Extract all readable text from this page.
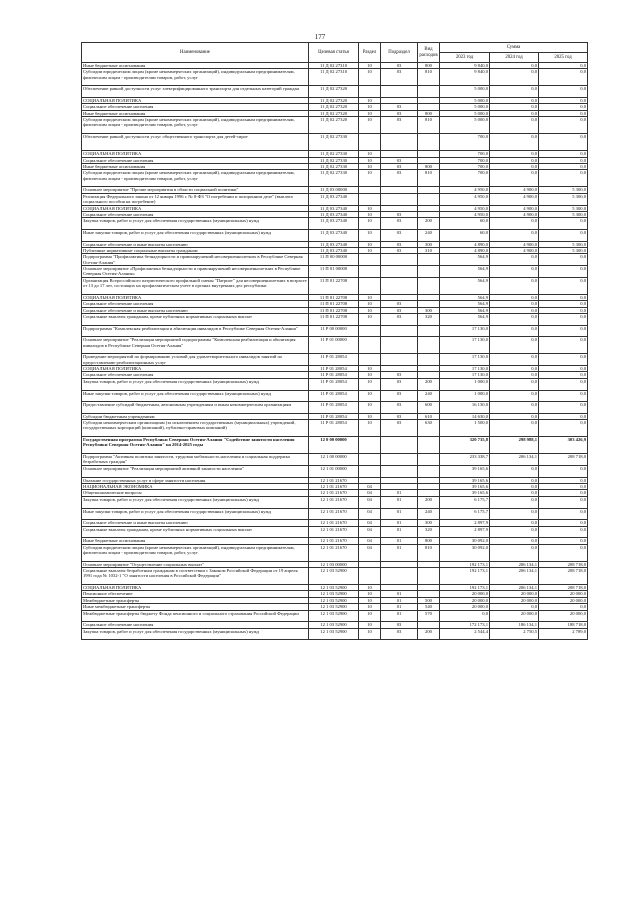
177
Наименование	Целевая статья	Раздел	Подраздел	Вид расходов	Сумма		
					2023 год	2024 год	2025 год
Иные бюджетные ассигнования	11 Д 02 27310	10	03	800	9 840,0	0,0	0,0
Субсидии юридическим лицам (кроме некоммерческих организаций), индивидуальным предпринимателям, физическим лицам - производителям товаров, работ, услуг	11 Д 02 27310	10	03	810	9 840,0	0,0	0,0
Обеспечение равной доступности услуг электрифицированного транспорта для отдельных категорий граждан	11 Д 02 27320				5 000,0	0,0	0,0
СОЦИАЛЬНАЯ ПОЛИТИКА	11 Д 02 27320	10			5 000,0	0,0	0,0
Социальное обеспечение населения	11 Д 02 27320	10	03		5 000,0	0,0	0,0
Иные бюджетные ассигнования	11 Д 02 27320	10	03	800	5 000,0	0,0	0,0
Субсидии юридическим лицам (кроме некоммерческих организаций), индивидуальным предпринимателям, физическим лицам - производителям товаров, работ, услуг	11 Д 02 27320	10	03	810	5 000,0	0,0	0,0
Обеспечение равной доступности услуг общественного транспорта для детей-сирот	11 Д 02 27330				700,0	0,0	0,0
СОЦИАЛЬНАЯ ПОЛИТИКА	11 Д 02 27330	10			700,0	0,0	0,0
Социальное обеспечение населения	11 Д 02 27330	10	03		700,0	0,0	0,0
Иные бюджетные ассигнования	11 Д 02 27330	10	03	800	700,0	0,0	0,0
Субсидии юридическим лицам (кроме некоммерческих организаций), индивидуальным предпринимателям, физическим лицам - производителям товаров, работ, услуг	11 Д 02 27330	10	03	810	700,0	0,0	0,0
Основное мероприятие "Прочие мероприятия в области социальной политики"	11 Д 03 00000				4 950,0	4 900,0	5 300,0
Реализация Федерального закона от 12 января 1996 г. № 8-ФЗ "О погребении и похоронном деле" (выплата социального пособия на погребение)	11 Д 03 27340				4 950,0	4 900,0	5 300,0
СОЦИАЛЬНАЯ ПОЛИТИКА	11 Д 03 27340	10			4 950,0	4 900,0	5 300,0
Социальное обеспечение населения	11 Д 03 27340	10	03		4 950,0	4 900,0	5 300,0
Закупка товаров, работ и услуг для обеспечения государственных (муниципальных) нужд	11 Д 03 27340	10	03	200	60,0	0,0	0,0
Иные закупки товаров, работ и услуг для обеспечения государственных (муниципальных) нужд	11 Д 03 27340	10	03	240	60,0	0,0	0,0
Социальное обеспечение и иные выплаты населению	11 Д 03 27340	10	03	300	4 890,0	4 900,0	5 300,0
Публичные нормативные социальные выплаты гражданам	11 Д 03 27340	10	03	310	4 890,0	4 900,0	5 300,0
Подпрограмма "Профилактика безнадзорности и правонарушений несовершеннолетних в Республике Северная Осетия-Алания"	11 П 00 00000				564,9	0,0	0,0
Основное мероприятие «Профилактика безнадзорности и правонарушений несовершеннолетних в Республике Северная Осетия-Алания»	11 П 01 00000				564,9	0,0	0,0
Организация Всероссийского патриотического профильной смены "Патриот" для несовершеннолетних в возрасте от 13 до 17 лет, состоящих на профилактическом учете в органах внутренних дел республики	11 П 01 22708				564,9	0,0	0,0
СОЦИАЛЬНАЯ ПОЛИТИКА	11 П 01 22708	10			564,9	0,0	0,0
Социальное обеспечение населения	11 П 01 22708	10	03		564,9	0,0	0,0
Социальное обеспечение и иные выплаты населению	11 П 01 22708	10	03	300	564,9	0,0	0,0
Социальные выплаты гражданам, кроме публичных нормативных социальных выплат	11 П 01 22708	10	03	320	564,9	0,0	0,0
Подпрограмма "Комплексная реабилитация и абилитация инвалидов в Республике Северная Осетия-Алания"	11 Р 00 00000				17 130,0	0,0	0,0
Основное мероприятие "Реализация мероприятий подпрограммы "Комплексная реабилитация и абилитация инвалидов в Республике Северная Осетия-Алания"	11 Р 01 00000				17 130,0	0,0	0,0
Проведение мероприятий по формированию условий для удовлетворительного инвалидов занятий по предоставлению реабилитационных услуг	11 Р 01 28054				17 130,0	0,0	0,0
СОЦИАЛЬНАЯ ПОЛИТИКА	11 Р 01 28054	10			17 130,0	0,0	0,0
Социальное обеспечение населения	11 Р 01 28054	10	03		17 130,0	0,0	0,0
Закупка товаров, работ и услуг для обеспечения государственных (муниципальных) нужд	11 Р 01 28054	10	03	200	1 000,0	0,0	0,0
Иные закупки товаров, работ и услуг для обеспечения государственных (муниципальных) нужд	11 Р 01 28054	10	03	240	1 000,0	0,0	0,0
Предоставление субсидий бюджетным, автономным учреждениям и иным некоммерческим организациям	11 Р 01 28054	10	03	600	16 130,0	0,0	0,0
Субсидии бюджетным учреждениям	11 Р 01 28054	10	03	610	14 630,0	0,0	0,0
Субсидии некоммерческим организациям (за исключением государственных (муниципальных) учреждений, государственных корпораций (компаний), публично-правовых компаний)	11 Р 01 28054	10	03	630	1 500,0	0,0	0,0
Государственная программа Республики Северная Осетия-Алания "Содействие занятости населения Республики Северная Осетия-Алания" на 2014-2025 годы	12 0 00 00000				320 735,8	298 988,1	303 426,9
Подпрограмма "Активная политика занятости, трудовая мобильность населения и социальная поддержка безработных граждан"	12 1 00 00000				233 338,7	206 134,1	208 718,0
Основное мероприятие "Реализация мероприятий активной занятости населения"	12 1 01 00000				39 165,6	0,0	0,0
Оказание государственных услуг в сфере занятости населения	12 1 01 21670				39 165,6	0,0	0,0
НАЦИОНАЛЬНАЯ ЭКОНОМИКА	12 1 01 21670	04			39 165,6	0,0	0,0
Общеэкономические вопросы	12 1 01 21670	04	01		39 165,6	0,0	0,0
Закупка товаров, работ и услуг для обеспечения государственных (муниципальных) нужд	12 1 01 21670	04	01	200	6 175,7	0,0	0,0
Иные закупки товаров, работ и услуг для обеспечения государственных (муниципальных) нужд	12 1 01 21670	04	01	240	6 175,7	0,0	0,0
Социальное обеспечение и иные выплаты населению	12 1 01 21670	04	01	300	2 897,9	0,0	0,0
Социальные выплаты гражданам, кроме публичных нормативных социальных выплат	12 1 01 21670	04	01	320	2 897,9	0,0	0,0
Иные бюджетные ассигнования	12 1 01 21670	04	01	800	30 092,0	0,0	0,0
Субсидии юридическим лицам (кроме некоммерческих организаций), индивидуальным предпринимателям, физическим лицам - производителям товаров, работ, услуг	12 1 01 21670	04	01	810	30 092,0	0,0	0,0
Основное мероприятие "Осуществление социальных выплат"	12 1 03 00000				192 173,1	206 134,1	208 718,0
Социальные выплаты безработным гражданам в соответствии с Законом Российской Федерации от 19 апреля 1991 года № 1032-1 "О занятости населения в Российской Федерации"	12 1 03 52900				192 173,1	206 134,1	208 718,0
СОЦИАЛЬНАЯ ПОЛИТИКА	12 1 03 52900	10			192 173,1	206 134,1	208 718,0
Пенсионное обеспечение	12 1 03 52900	10	01		20 000,0	20 000,0	20 000,0
Межбюджетные трансферты	12 1 03 52900	10	01	500	20 000,0	20 000,0	20 000,0
Иные межбюджетные трансферты	12 1 03 52900	10	01	540	20 000,0	0,0	0,0
Межбюджетные трансферты бюджету Фонда пенсионного и социального страхования Российской Федерации	12 1 03 52900	10	01	570	0,0	20 000,0	20 000,0
Социальное обеспечение населения	12 1 03 52900	10	03		172 173,1	186 134,1	188 718,0
Закупка товаров, работ и услуг для обеспечения государственных (муниципальных) нужд	12 1 03 52900	10	03	200	2 544,4	2 750,5	2 789,0
